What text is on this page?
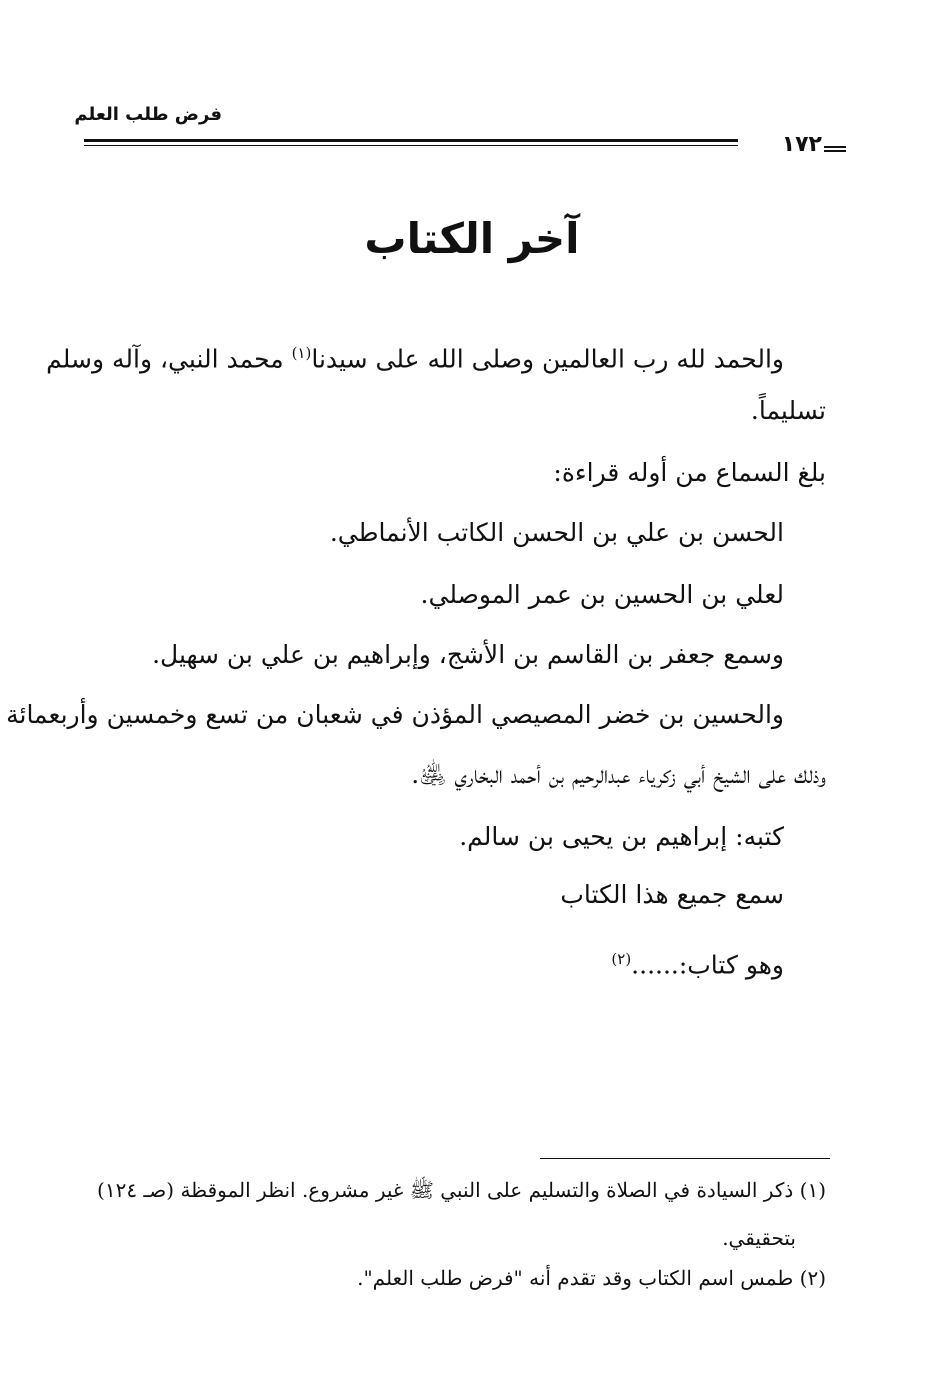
فرض طلب العلم
١٧٢
آخر الكتاب
والحمد لله رب العالمين وصلى الله على سيدنا$^{(١)}$ محمد النبي، وآله وسلم
تسليماً.
بلغ السماع من أوله قراءة:
الحسن بن علي بن الحسن الكاتب الأنماطي.
لعلي بن الحسين بن عمر الموصلي.
وسمع جعفر بن القاسم بن الأشج، وإبراهيم بن علي بن سهيل.
والحسين بن خضر المصيصي المؤذن في شعبان من تسع وخمسين وأربعمائة
وذلك على الشيخ أبي زكرياء عبدالرحيم بن أحمد البخاري ﵁.
كتبه: إبراهيم بن يحيى بن سالم.
سمع جميع هذا الكتاب
وهو كتاب:......$^{(٢)}$
(١) ذكر السيادة في الصلاة والتسليم على النبي ﷺ غير مشروع. انظر الموقظة (صـ ١٢٤)
بتحقيقي.
(٢) طمس اسم الكتاب وقد تقدم أنه "فرض طلب العلم".
